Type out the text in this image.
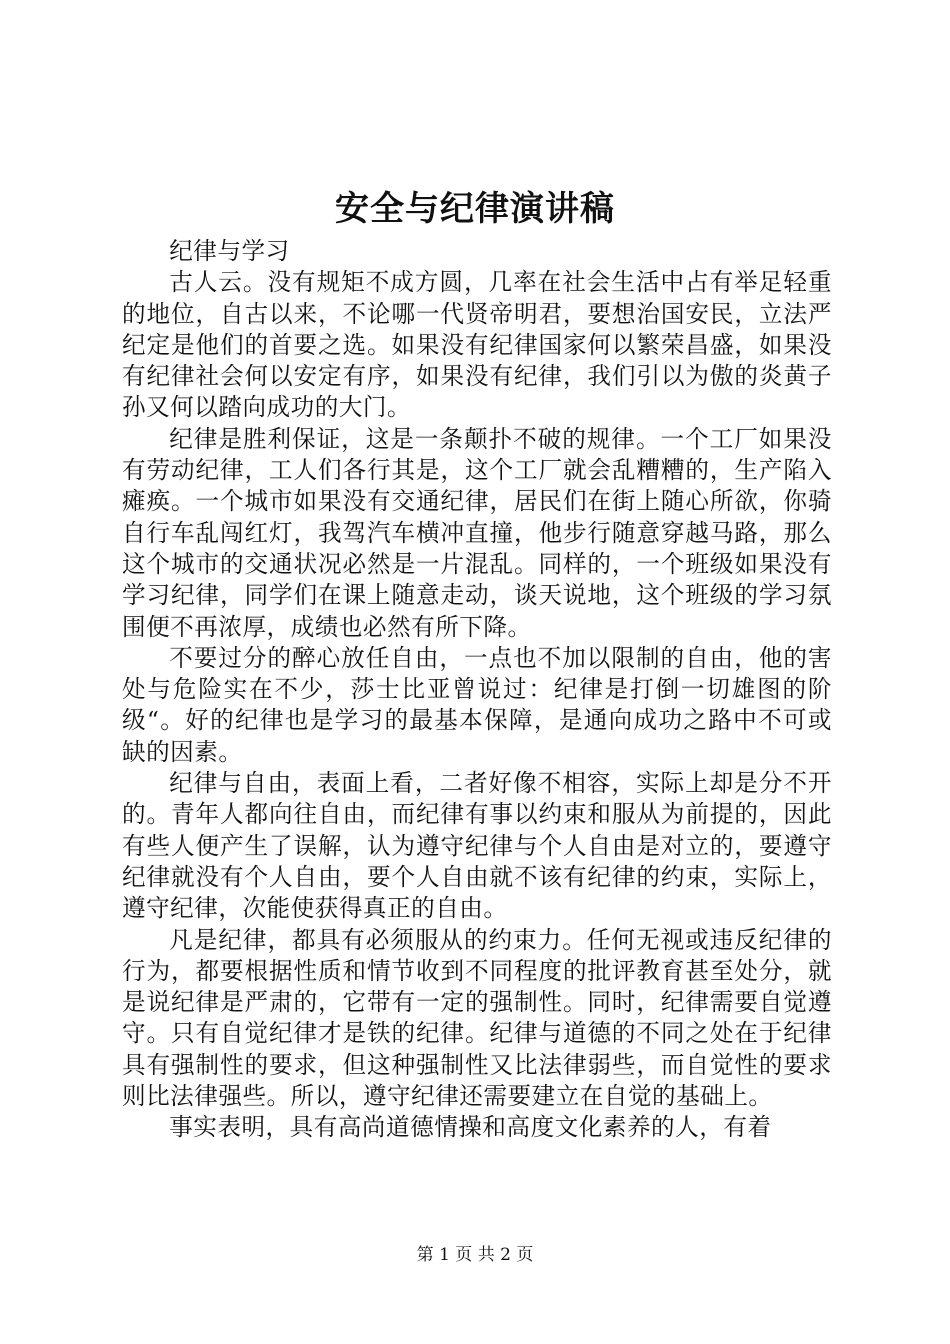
安全与纪律演讲稿

纪律与学习

古人云。没有规矩不成方圆，几率在社会生活中占有举足轻重的地位，自古以来，不论哪一代贤帝明君，要想治国安民，立法严纪定是他们的首要之选。如果没有纪律国家何以繁荣昌盛，如果没有纪律社会何以安定有序，如果没有纪律，我们引以为傲的炎黄子孙又何以踏向成功的大门。

纪律是胜利保证，这是一条颠扑不破的规律。一个工厂如果没有劳动纪律，工人们各行其是，这个工厂就会乱糟糟的，生产陷入瘫痪。一个城市如果没有交通纪律，居民们在街上随心所欲，你骑自行车乱闯红灯，我驾汽车横冲直撞，他步行随意穿越马路，那么这个城市的交通状况必然是一片混乱。同样的，一个班级如果没有学习纪律，同学们在课上随意走动，谈天说地，这个班级的学习氛围便不再浓厚，成绩也必然有所下降。

不要过分的醉心放任自由，一点也不加以限制的自由，他的害处与危险实在不少，莎士比亚曾说过：纪律是打倒一切雄图的阶级“。好的纪律也是学习的最基本保障，是通向成功之路中不可或缺的因素。

纪律与自由，表面上看，二者好像不相容，实际上却是分不开的。青年人都向往自由，而纪律有事以约束和服从为前提的，因此有些人便产生了误解，认为遵守纪律与个人自由是对立的，要遵守纪律就没有个人自由，要个人自由就不该有纪律的约束，实际上，遵守纪律，次能使获得真正的自由。

凡是纪律，都具有必须服从的约束力。任何无视或违反纪律的行为，都要根据性质和情节收到不同程度的批评教育甚至处分，就是说纪律是严肃的，它带有一定的强制性。同时，纪律需要自觉遵守。只有自觉纪律才是铁的纪律。纪律与道德的不同之处在于纪律具有强制性的要求，但这种强制性又比法律弱些，而自觉性的要求则比法律强些。所以，遵守纪律还需要建立在自觉的基础上。

事实表明，具有高尚道德情操和高度文化素养的人，有着

第 1 页 共 2 页
